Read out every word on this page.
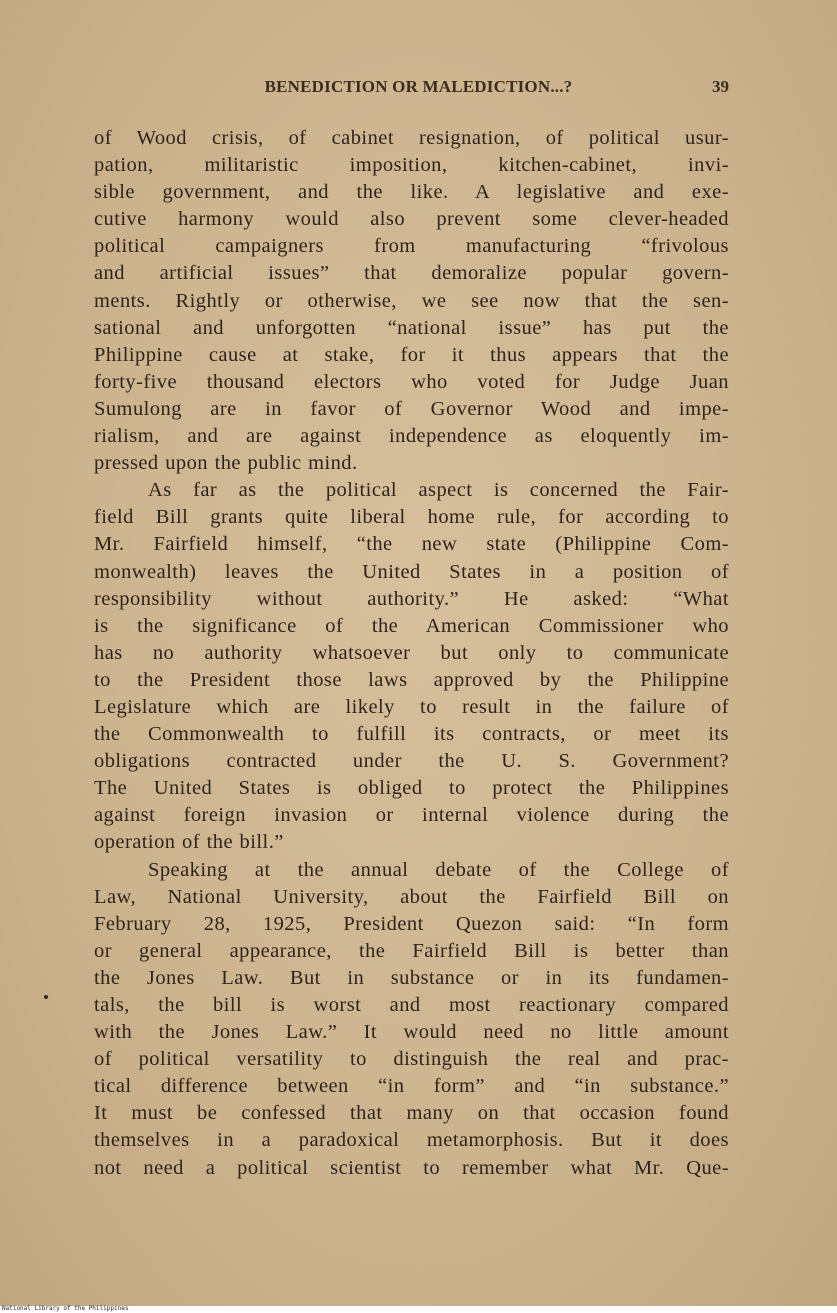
BENEDICTION OR MALEDICTION...?	39
of Wood crisis, of cabinet resignation, of political usur-
pation, militaristic imposition, kitchen-cabinet, invi-
sible government, and the like. A legislative and exe-
cutive harmony would also prevent some clever-headed
political campaigners from manufacturing “frivolous
and artificial issues” that demoralize popular govern-
ments. Rightly or otherwise, we see now that the sen-
sational and unforgotten “national issue” has put the
Philippine cause at stake, for it thus appears that the
forty-five thousand electors who voted for Judge Juan
Sumulong are in favor of Governor Wood and impe-
rialism, and are against independence as eloquently im-
pressed upon the public mind.
As far as the political aspect is concerned the Fair-
field Bill grants quite liberal home rule, for according to
Mr. Fairfield himself, “the new state (Philippine Com-
monwealth) leaves the United States in a position of
responsibility without authority.” He asked: “What
is the significance of the American Commissioner who
has no authority whatsoever but only to communicate
to the President those laws approved by the Philippine
Legislature which are likely to result in the failure of
the Commonwealth to fulfill its contracts, or meet its
obligations contracted under the U. S. Government?
The United States is obliged to protect the Philippines
against foreign invasion or internal violence during the
operation of the bill.”
Speaking at the annual debate of the College of
Law, National University, about the Fairfield Bill on
February 28, 1925, President Quezon said: “In form
or general appearance, the Fairfield Bill is better than
the Jones Law. But in substance or in its fundamen-
tals, the bill is worst and most reactionary compared
with the Jones Law.” It would need no little amount
of political versatility to distinguish the real and prac-
tical difference between “in form” and “in substance.”
It must be confessed that many on that occasion found
themselves in a paradoxical metamorphosis. But it does
not need a political scientist to remember what Mr. Que-
National Library of the Philippines
